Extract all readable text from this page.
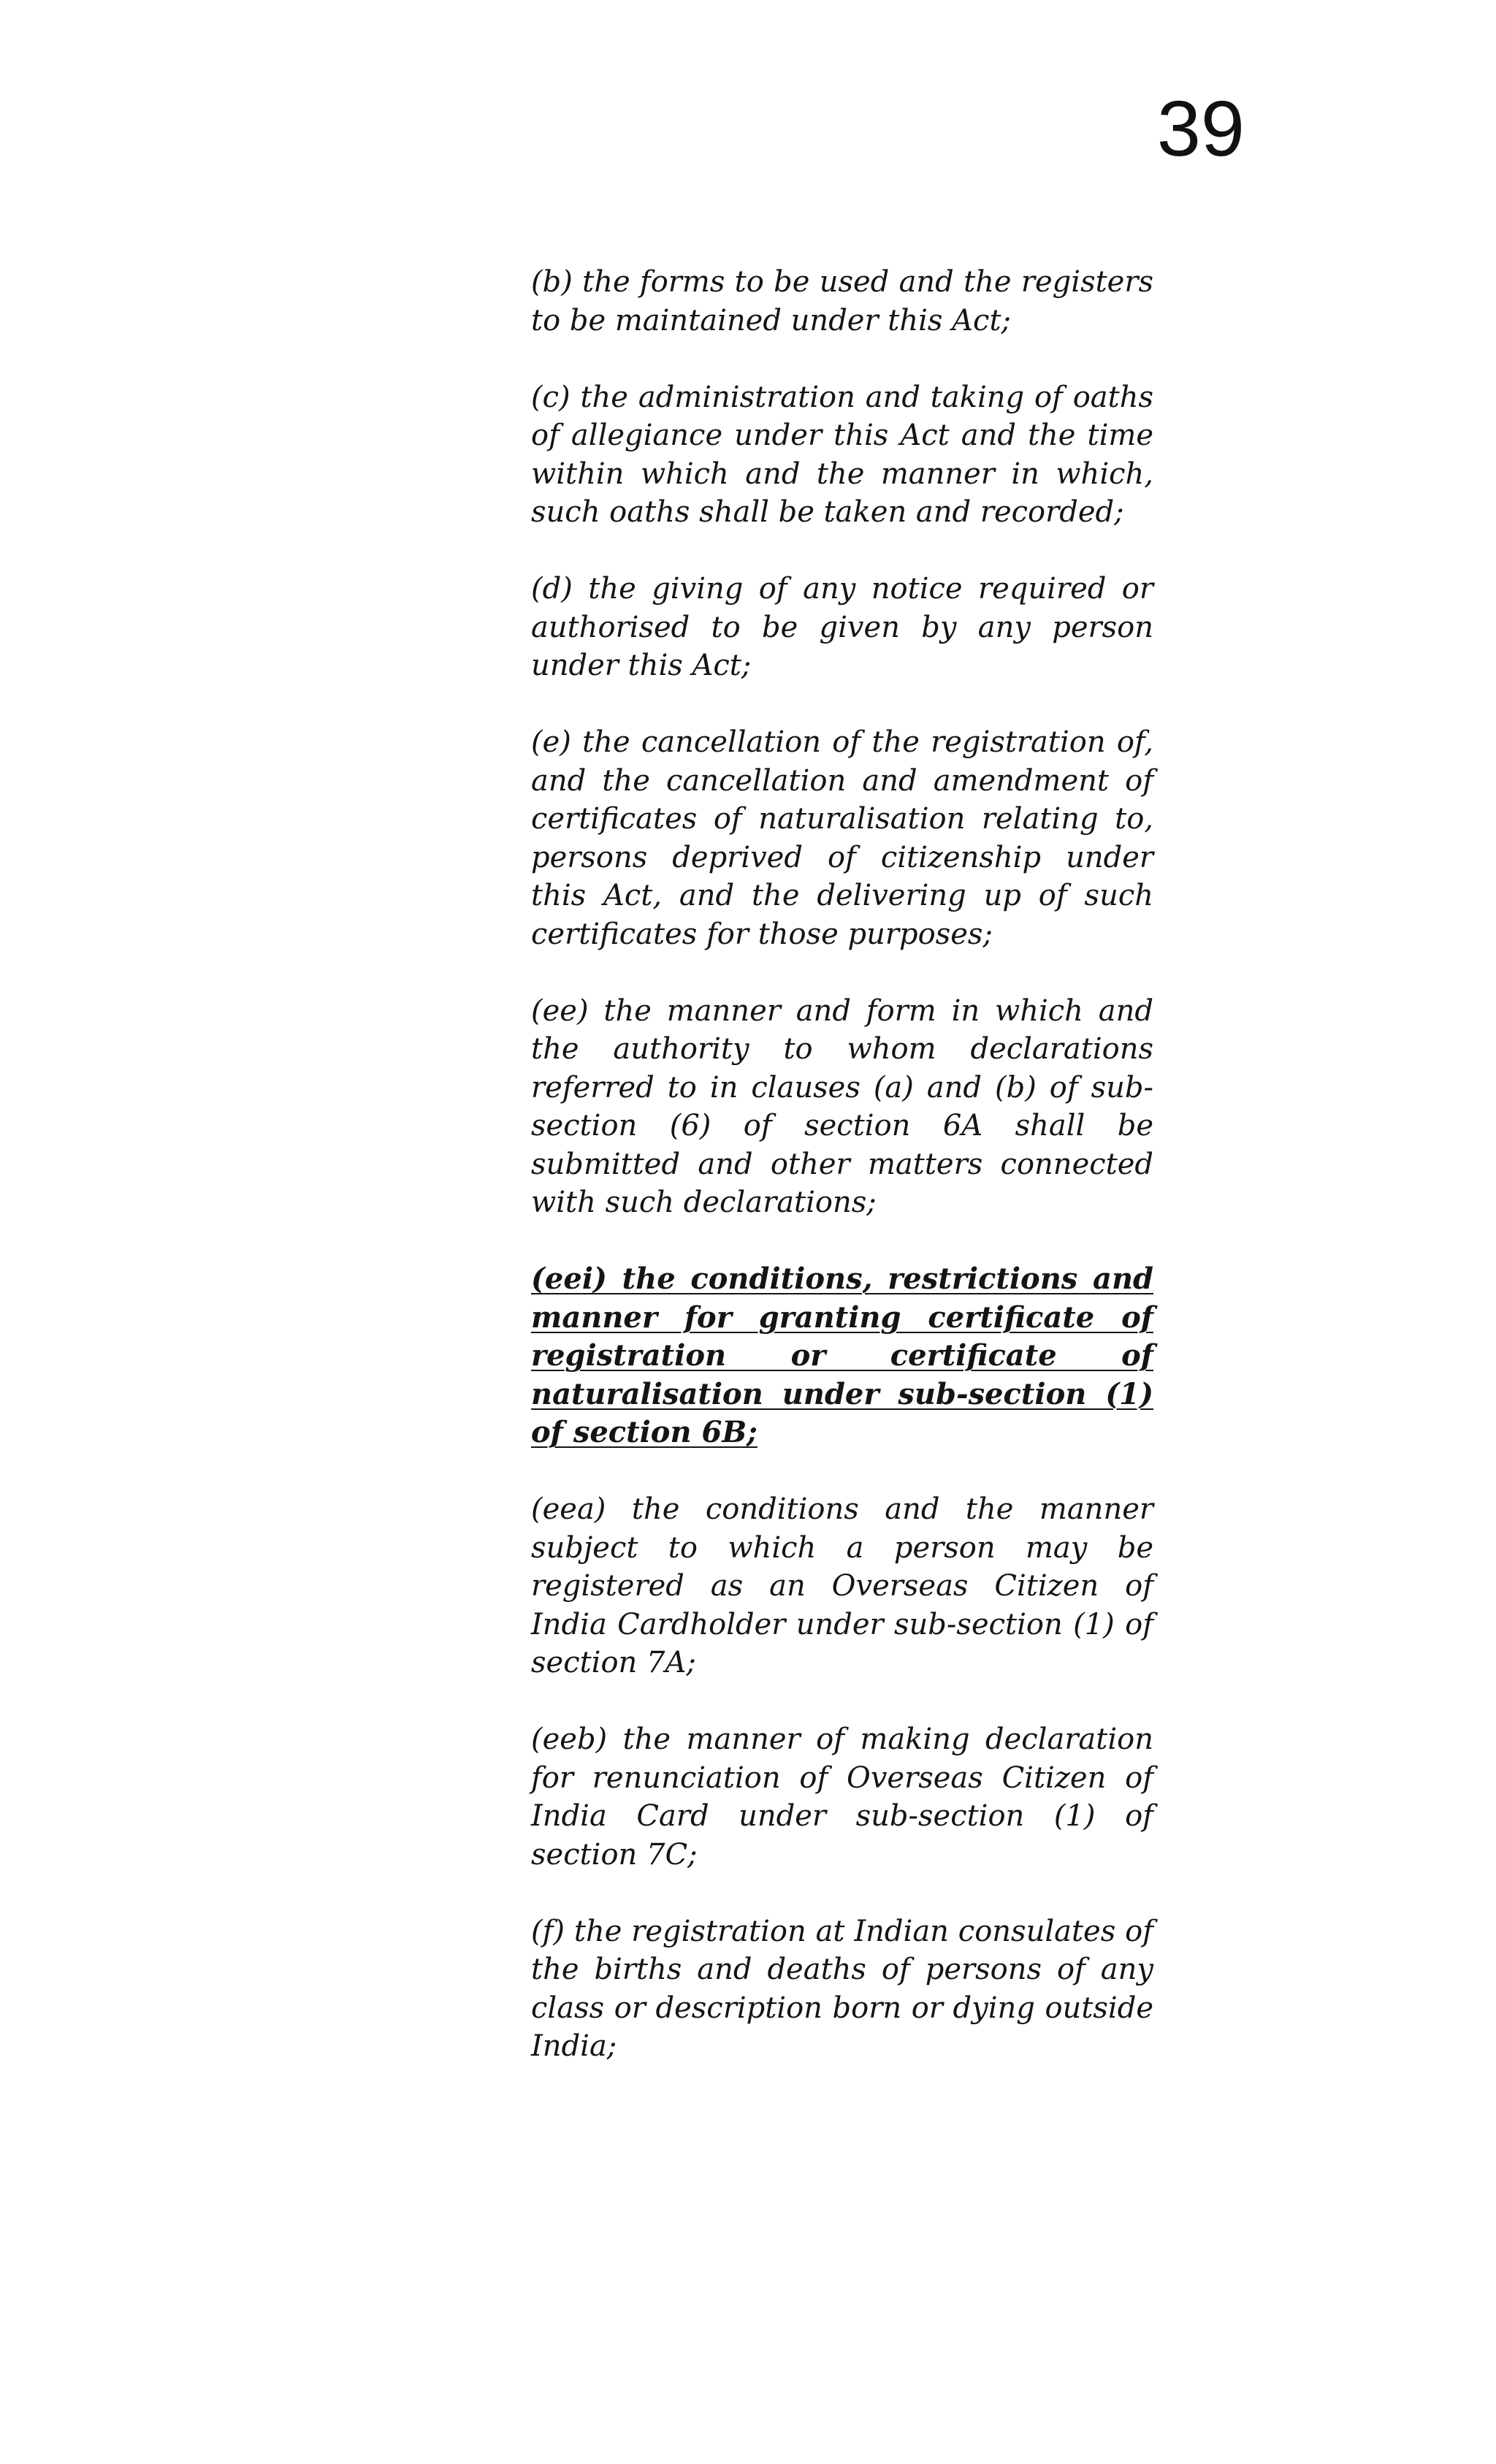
39

(b) the forms to be used and the registers to be maintained under this Act;

(c) the administration and taking of oaths of allegiance under this Act and the time within which and the manner in which, such oaths shall be taken and recorded;

(d) the giving of any notice required or authorised to be given by any person under this Act;

(e) the cancellation of the registration of, and the cancellation and amendment of certificates of naturalisation relating to, persons deprived of citizenship under this Act, and the delivering up of such certificates for those purposes;

(ee) the manner and form in which and the authority to whom declarations referred to in clauses (a) and (b) of sub-section (6) of section 6A shall be submitted and other matters connected with such declarations;

(eei) the conditions, restrictions and manner for granting certificate of registration or certificate of naturalisation under sub-section (1) of section 6B;

(eea) the conditions and the manner subject to which a person may be registered as an Overseas Citizen of India Cardholder under sub-section (1) of section 7A;

(eeb) the manner of making declaration for renunciation of Overseas Citizen of India Card under sub-section (1) of section 7C;

(f) the registration at Indian consulates of the births and deaths of persons of any class or description born or dying outside India;
